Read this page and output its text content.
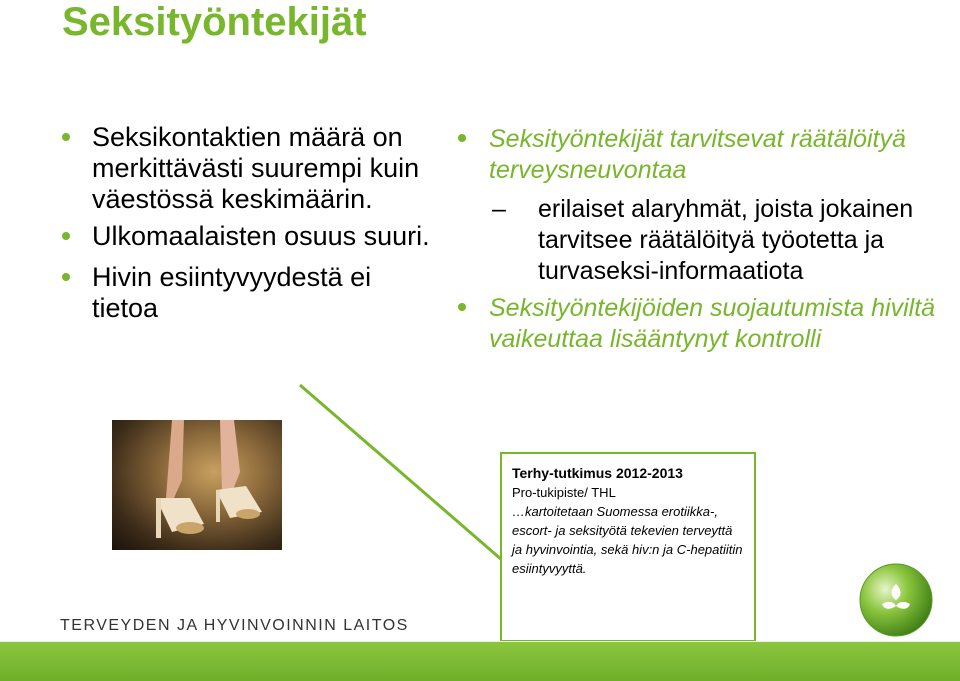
Seksityöntekijät
Seksikontaktien määrä on merkittävästi suurempi kuin väestössä keskimäärin.
Ulkomaalaisten osuus suuri.
Hivin esiintyvyydestä ei tietoa
Seksityöntekijät tarvitsevat räätälöityä terveysneuvontaa
– erilaiset alaryhmät, joista jokainen tarvitsee räätälöityä työotetta ja turvaseksi-informaatiota
Seksityöntekijöiden suojautumista hiviltä vaikeuttaa lisääntynyt kontrolli
Terhy-tutkimus 2012-2013
Pro-tukipiste/ THL
…kartoitetaan Suomessa erotiikka-, escort- ja seksityötä tekevien terveyttä ja hyvinvointia, sekä hiv:n ja C-hepatiitin esiintyvyyttä.
TERVEYDEN JA HYVINVOINNIN LAITOS
